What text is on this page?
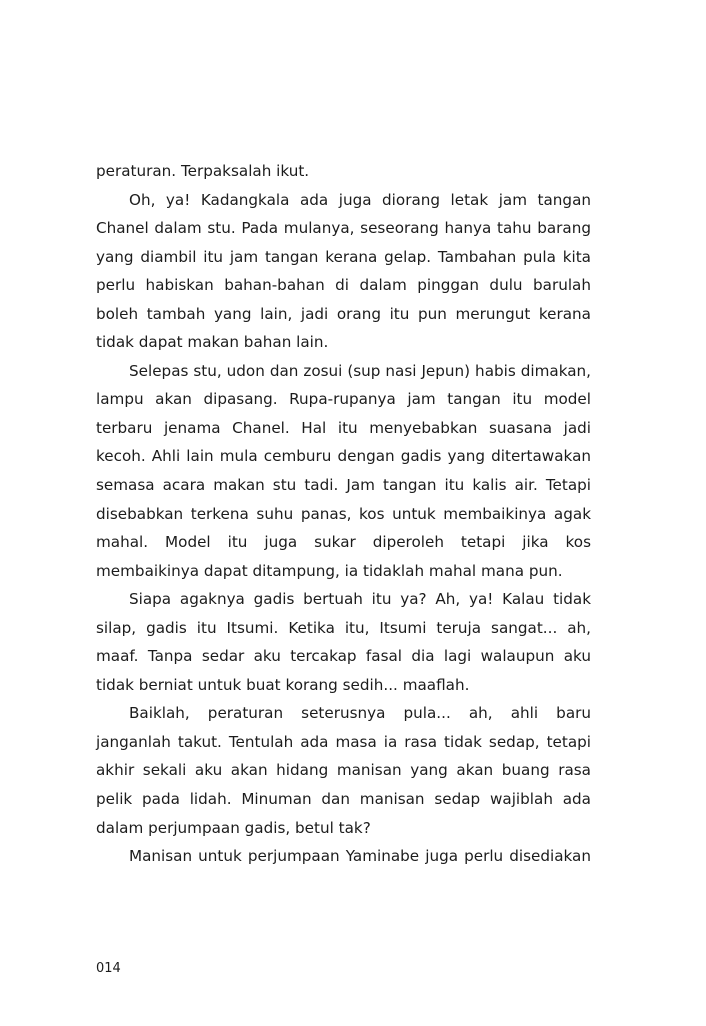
peraturan. Terpaksalah ikut.

Oh, ya! Kadangkala ada juga diorang letak jam tangan Chanel dalam stu. Pada mulanya, seseorang hanya tahu barang yang diambil itu jam tangan kerana gelap. Tambahan pula kita perlu habiskan bahan-bahan di dalam pinggan dulu barulah boleh tambah yang lain, jadi orang itu pun merungut kerana tidak dapat makan bahan lain.

Selepas stu, udon dan zosui (sup nasi Jepun) habis dimakan, lampu akan dipasang. Rupa-rupanya jam tangan itu model terbaru jenama Chanel. Hal itu menyebabkan suasana jadi kecoh. Ahli lain mula cemburu dengan gadis yang ditertawakan semasa acara makan stu tadi. Jam tangan itu kalis air. Tetapi disebabkan terkena suhu panas, kos untuk membaikinya agak mahal. Model itu juga sukar diperoleh tetapi jika kos membaikinya dapat ditampung, ia tidaklah mahal mana pun.

Siapa agaknya gadis bertuah itu ya? Ah, ya! Kalau tidak silap, gadis itu Itsumi. Ketika itu, Itsumi teruja sangat... ah, maaf. Tanpa sedar aku tercakap fasal dia lagi walaupun aku tidak berniat untuk buat korang sedih... maaflah.

Baiklah, peraturan seterusnya pula... ah, ahli baru janganlah takut. Tentulah ada masa ia rasa tidak sedap, tetapi akhir sekali aku akan hidang manisan yang akan buang rasa pelik pada lidah. Minuman dan manisan sedap wajiblah ada dalam perjumpaan gadis, betul tak?

Manisan untuk perjumpaan Yaminabe juga perlu disediakan

014
